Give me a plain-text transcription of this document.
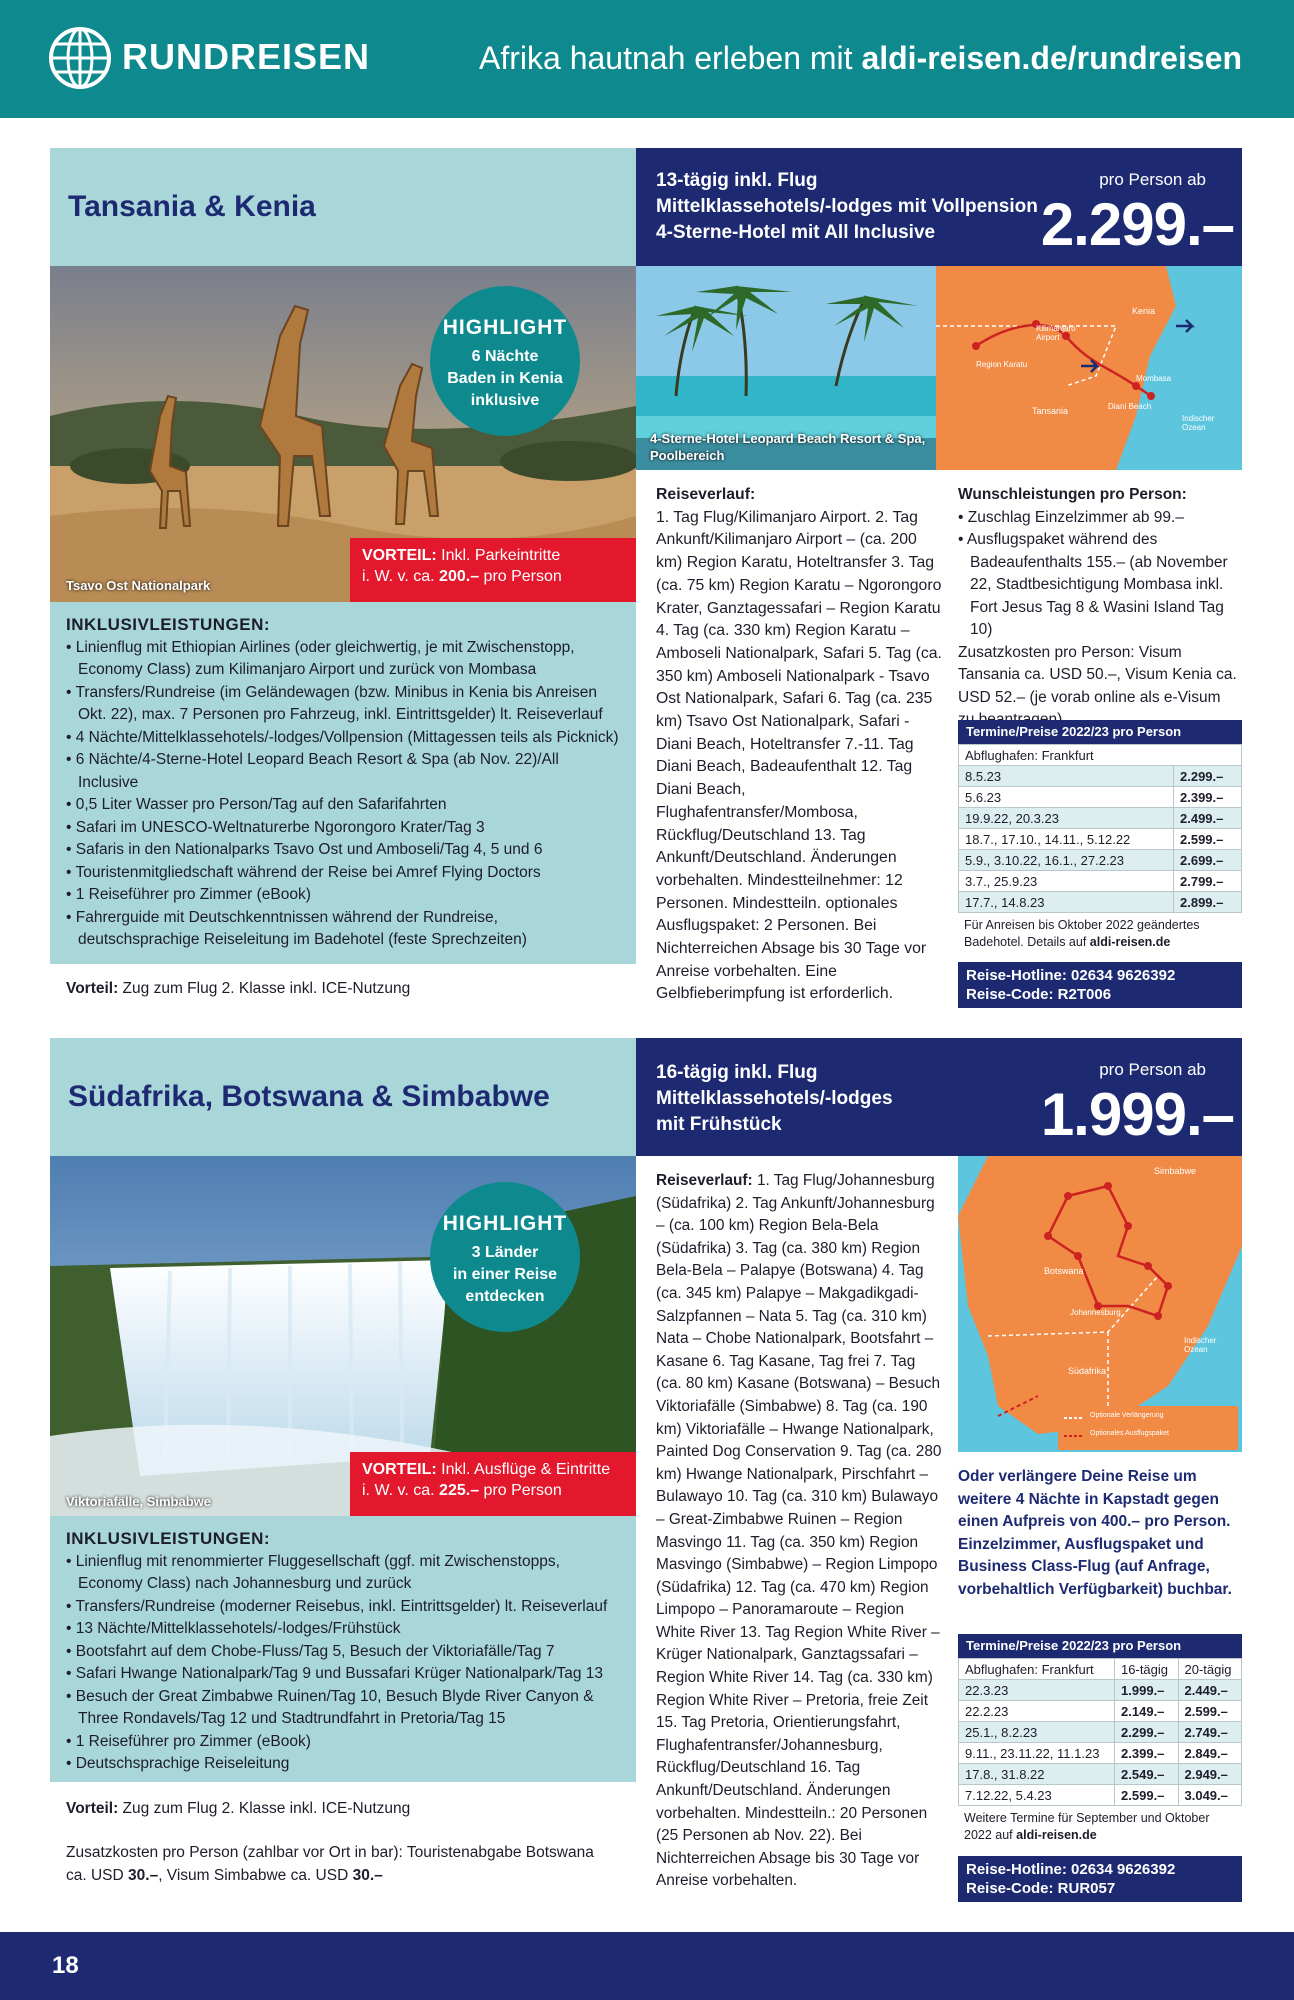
RUNDREISEN	Afrika hautnah erleben mit aldi-reisen.de/rundreisen
Tansania & Kenia
13-tägig inkl. Flug
Mittelklassehotels/-lodges mit Vollpension
4-Sterne-Hotel mit All Inclusive
pro Person ab
2.299.–
HIGHLIGHT
6 Nächte
Baden in Kenia
inklusive
Tsavo Ost Nationalpark
VORTEIL: Inkl. Parkeintritte
i. W. v. ca. 200.– pro Person
4-Sterne-Hotel Leopard Beach Resort & Spa, Poolbereich
Region Karatu
Kilimanjaro Airport
Mombasa
Diani Beach
Kenia
Tansania
Indischer Ozean
INKLUSIVLEISTUNGEN:
• Linienflug mit Ethiopian Airlines (oder gleichwertig, je mit Zwischenstopp, Economy Class) zum Kilimanjaro Airport und zurück von Mombasa
• Transfers/Rundreise (im Geländewagen (bzw. Minibus in Kenia bis Anreisen Okt. 22), max. 7 Personen pro Fahrzeug, inkl. Eintrittsgelder) lt. Reiseverlauf
• 4 Nächte/Mittelklassehotels/-lodges/Vollpension (Mittagessen teils als Picknick)
• 6 Nächte/4-Sterne-Hotel Leopard Beach Resort & Spa (ab Nov. 22)/All Inclusive
• 0,5 Liter Wasser pro Person/Tag auf den Safarifahrten
• Safari im UNESCO-Weltnaturerbe Ngorongoro Krater/Tag 3
• Safaris in den Nationalparks Tsavo Ost und Amboseli/Tag 4, 5 und 6
• Touristenmitgliedschaft während der Reise bei Amref Flying Doctors
• 1 Reiseführer pro Zimmer (eBook)
• Fahrerguide mit Deutschkenntnissen während der Rundreise, deutschsprachige Reiseleitung im Badehotel (feste Sprechzeiten)
Vorteil: Zug zum Flug 2. Klasse inkl. ICE-Nutzung
Reiseverlauf:
1. Tag Flug/Kilimanjaro Airport. 2. Tag Ankunft/Kilimanjaro Airport – (ca. 200 km) Region Karatu, Hoteltransfer 3. Tag (ca. 75 km) Region Karatu – Ngorongoro Krater, Ganztagessafari – Region Karatu 4. Tag (ca. 330 km) Region Karatu – Amboseli Nationalpark, Safari 5. Tag (ca. 350 km) Amboseli Nationalpark - Tsavo Ost Nationalpark, Safari 6. Tag (ca. 235 km) Tsavo Ost Nationalpark, Safari - Diani Beach, Hoteltransfer 7.-11. Tag Diani Beach, Badeaufenthalt 12. Tag Diani Beach, Flughafentransfer/Mombosa, Rückflug/Deutschland 13. Tag Ankunft/Deutschland. Änderungen vorbehalten. Mindestteilnehmer: 12 Personen. Mindestteiln. optionales Ausflugspaket: 2 Personen. Bei Nichterreichen Absage bis 30 Tage vor Anreise vorbehalten. Eine Gelbfieberimpfung ist erforderlich.
Wunschleistungen pro Person:
• Zuschlag Einzelzimmer ab 99.–
• Ausflugspaket während des Badeaufenthalts 155.– (ab November 22, Stadtbesichtigung Mombasa inkl. Fort Jesus Tag 8 & Wasini Island Tag 10)
Zusatzkosten pro Person: Visum Tansania ca. USD 50.–, Visum Kenia ca. USD 52.– (je vorab online als e-Visum
Termine/Preise 2022/23 pro Person
Abflughafen: Frankfurt	
8.5.23	2.299.–
5.6.23	2.399.–
19.9.22, 20.3.23	2.499.–
18.7., 17.10., 14.11., 5.12.22	2.599.–
5.9., 3.10.22, 16.1., 27.2.23	2.699.–
3.7., 25.9.23	2.799.–
17.7., 14.8.23	2.899.–
Für Anreisen bis Oktober 2022 geändertes Badehotel. Details auf aldi-reisen.de
Reise-Hotline: 02634 9626392
Reise-Code: R2T006
Südafrika, Botswana & Simbabwe
16-tägig inkl. Flug
Mittelklassehotels/-lodges
mit Frühstück
pro Person ab
1.999.–
HIGHLIGHT
3 Länder
in einer Reise
entdecken
Viktoriafälle, Simbabwe
VORTEIL: Inkl. Ausflüge & Eintritte
i. W. v. ca. 225.– pro Person
INKLUSIVLEISTUNGEN:
• Linienflug mit renommierter Fluggesellschaft (ggf. mit Zwischenstopps, Economy Class) nach Johannesburg und zurück
• Transfers/Rundreise (moderner Reisebus, inkl. Eintrittsgelder) lt. Reiseverlauf
• 13 Nächte/Mittelklassehotels/-lodges/Frühstück
• Bootsfahrt auf dem Chobe-Fluss/Tag 5, Besuch der Viktoriafälle/Tag 7
• Safari Hwange Nationalpark/Tag 9 und Bussafari Krüger Nationalpark/Tag 13
• Besuch der Great Zimbabwe Ruinen/Tag 10, Besuch Blyde River Canyon & Three Rondavels/Tag 12 und Stadtrundfahrt in Pretoria/Tag 15
• 1 Reiseführer pro Zimmer (eBook)
• Deutschsprachige Reiseleitung
Vorteil: Zug zum Flug 2. Klasse inkl. ICE-Nutzung
Zusatzkosten pro Person (zahlbar vor Ort in bar): Touristenabgabe Botswana ca. USD 30.–, Visum Simbabwe ca. USD 30.–
Reiseverlauf: 1. Tag Flug/Johannesburg (Südafrika) 2. Tag Ankunft/Johannesburg – (ca. 100 km) Region Bela-Bela (Südafrika) 3. Tag (ca. 380 km) Region Bela-Bela – Palapye (Botswana) 4. Tag (ca. 345 km) Palapye – Makgadikgadi-Salzpfannen – Nata 5. Tag (ca. 310 km) Nata – Chobe Nationalpark, Bootsfahrt – Kasane 6. Tag Kasane, Tag frei 7. Tag (ca. 80 km) Kasane (Botswana) – Besuch Viktoriafälle (Simbabwe) 8. Tag (ca. 190 km) Viktoriafälle – Hwange Nationalpark, Painted Dog Conservation 9. Tag (ca. 280 km) Hwange Nationalpark, Pirschfahrt – Bulawayo 10. Tag (ca. 310 km) Bulawayo – Great-Zimbabwe Ruinen – Region Masvingo 11. Tag (ca. 350 km) Region Masvingo (Simbabwe) – Region Limpopo (Südafrika) 12. Tag (ca. 470 km) Region Limpopo – Panoramaroute – Region White River 13. Tag Region White River – Krüger Nationalpark, Ganztagssafari – Region White River 14. Tag (ca. 330 km) Region White River – Pretoria, freie Zeit 15. Tag Pretoria, Orientierungsfahrt, Flughafentransfer/Johannesburg, Rückflug/Deutschland 16. Tag Ankunft/Deutschland. Änderungen vorbehalten. Mindestteiln.: 20 Personen (25 Personen ab Nov. 22). Bei Nichterreichen Absage bis 30 Tage vor Anreise vorbehalten.
Simbabwe
Botswana
Südafrika
Johannesburg
Indischer Ozean
Optionale Verlängerung
Optionales Ausflugspaket
Oder verlängere Deine Reise um weitere 4 Nächte in Kapstadt gegen einen Aufpreis von 400.– pro Person. Einzelzimmer, Ausflugspaket und Business Class-Flug (auf Anfrage, vorbehaltlich Verfügbarkeit) buchbar.
Termine/Preise 2022/23 pro Person
Abflughafen: Frankfurt	16-tägig	20-tägig
22.3.23	1.999.–	2.449.–
22.2.23	2.149.–	2.599.–
25.1., 8.2.23	2.299.–	2.749.–
9.11., 23.11.22, 11.1.23	2.399.–	2.849.–
17.8., 31.8.22	2.549.–	2.949.–
7.12.22, 5.4.23	2.599.–	3.049.–
Weitere Termine für September und Oktober 2022 auf aldi-reisen.de
Reise-Hotline: 02634 9626392
Reise-Code: RUR057
18
